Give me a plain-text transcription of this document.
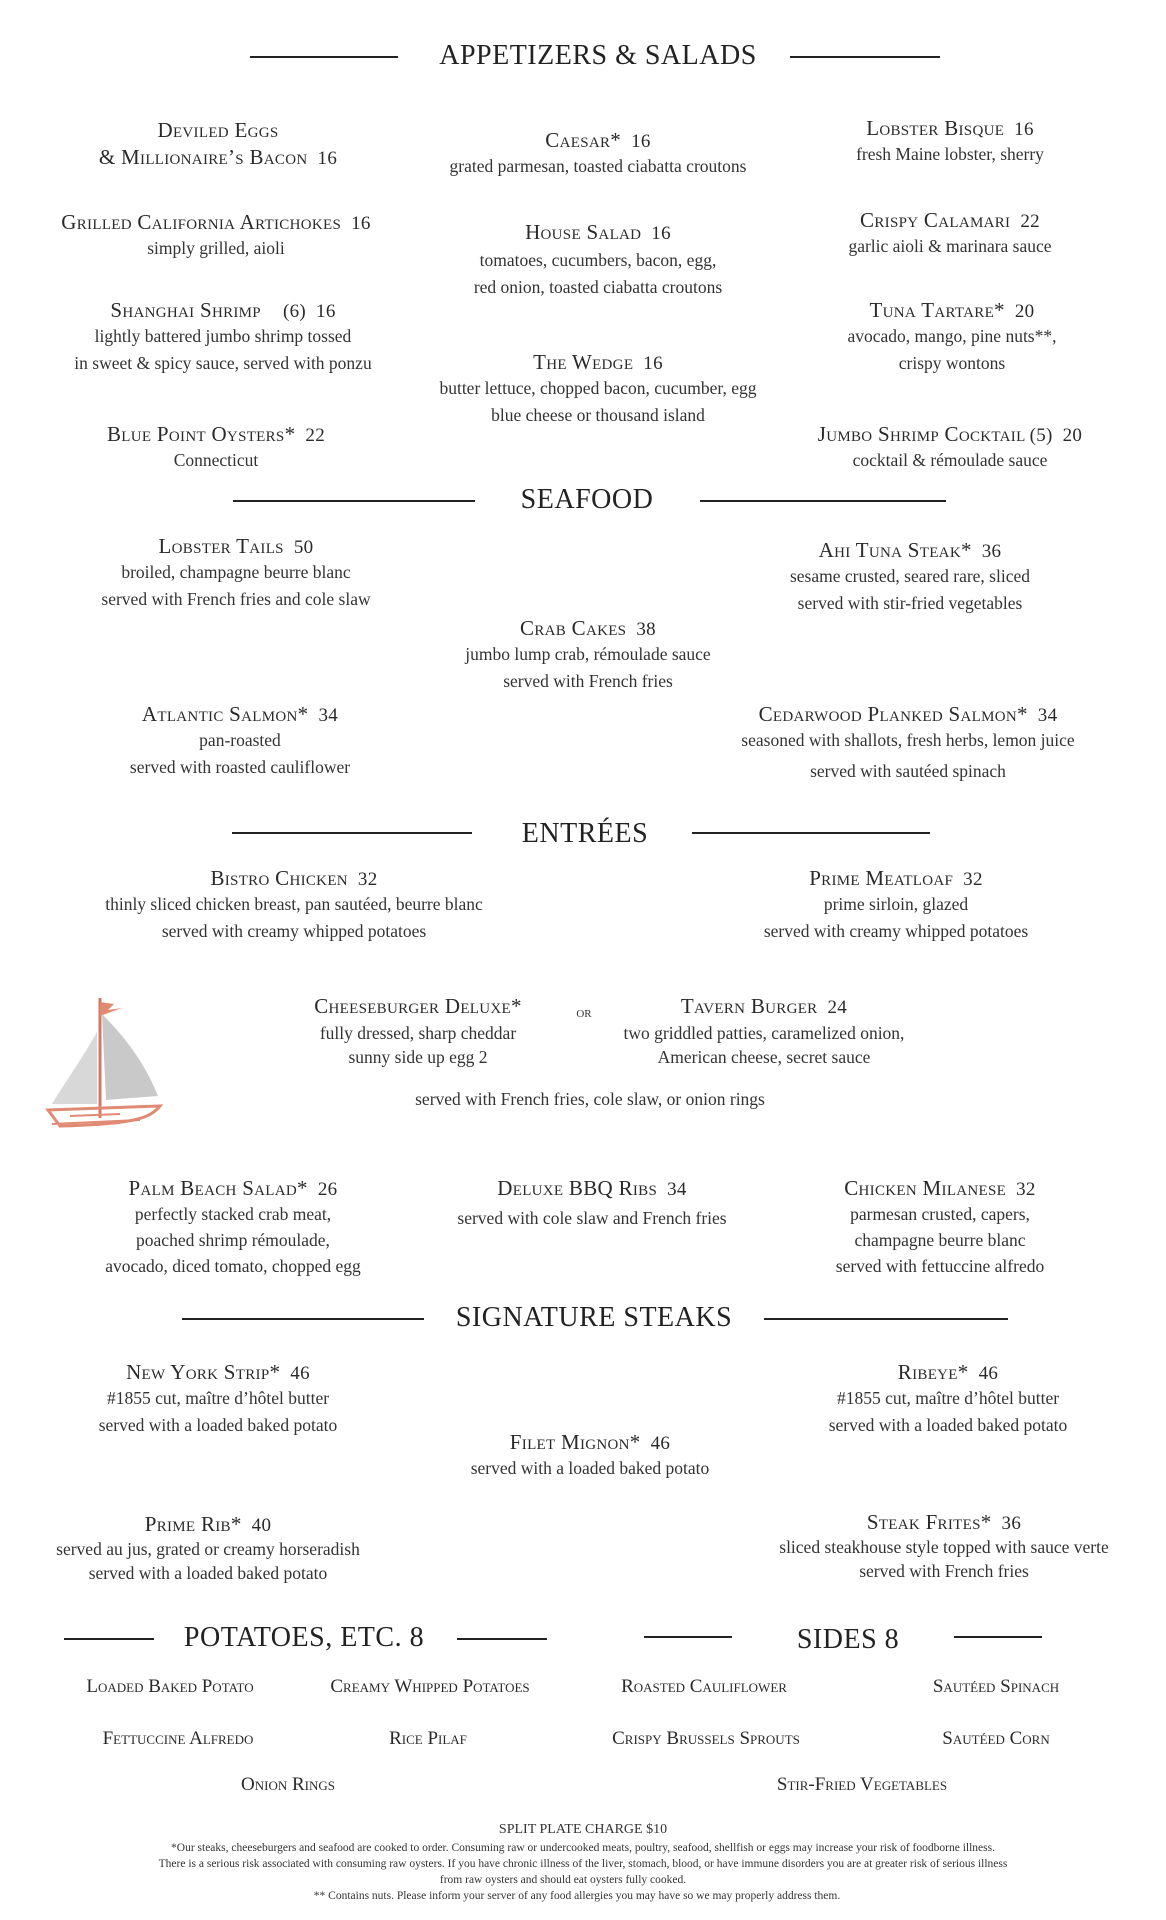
APPETIZERS & SALADS
Deviled Eggs
& Millionaire’s Bacon 16
Caesar* 16
grated parmesan, toasted ciabatta croutons
Lobster Bisque 16
fresh Maine lobster, sherry
Grilled California Artichokes 16
simply grilled, aioli
House Salad 16
tomatoes, cucumbers, bacon, egg,
red onion, toasted ciabatta croutons
Crispy Calamari 22
garlic aioli & marinara sauce
Shanghai Shrimp (6) 16
lightly battered jumbo shrimp tossed
in sweet & spicy sauce, served with ponzu
Tuna Tartare* 20
avocado, mango, pine nuts**,
crispy wontons
The Wedge 16
butter lettuce, chopped bacon, cucumber, egg
blue cheese or thousand island
Blue Point Oysters* 22
Connecticut
Jumbo Shrimp Cocktail (5) 20
cocktail & rémoulade sauce
SEAFOOD
Lobster Tails 50
broiled, champagne beurre blanc
served with French fries and cole slaw
Ahi Tuna Steak* 36
sesame crusted, seared rare, sliced
served with stir-fried vegetables
Crab Cakes 38
jumbo lump crab, rémoulade sauce
served with French fries
Atlantic Salmon* 34
pan-roasted
served with roasted cauliflower
Cedarwood Planked Salmon* 34
seasoned with shallots, fresh herbs, lemon juice
served with sautéed spinach
ENTRÉES
Bistro Chicken 32
thinly sliced chicken breast, pan sautéed, beurre blanc
served with creamy whipped potatoes
Prime Meatloaf 32
prime sirloin, glazed
served with creamy whipped potatoes
Cheeseburger Deluxe*
fully dressed, sharp cheddar
sunny side up egg 2
or	Tavern Burger 24
two griddled patties, caramelized onion,
American cheese, secret sauce
served with French fries, cole slaw, or onion rings
Palm Beach Salad* 26
perfectly stacked crab meat,
poached shrimp rémoulade,
avocado, diced tomato, chopped egg
Deluxe BBQ Ribs 34
served with cole slaw and French fries
Chicken Milanese 32
parmesan crusted, capers,
champagne beurre blanc
served with fettuccine alfredo
SIGNATURE STEAKS
New York Strip* 46
#1855 cut, maître d’hôtel butter
served with a loaded baked potato
Ribeye* 46
#1855 cut, maître d’hôtel butter
served with a loaded baked potato
Filet Mignon* 46
served with a loaded baked potato
Prime Rib* 40
served au jus, grated or creamy horseradish
served with a loaded baked potato
Steak Frites* 36
sliced steakhouse style topped with sauce verte
served with French fries
POTATOES, ETC. 8	SIDES 8
Loaded Baked Potato	Creamy Whipped Potatoes
Fettuccine Alfredo	Rice Pilaf
Onion Rings
Roasted Cauliflower	Sautéed Spinach
Crispy Brussels Sprouts	Sautéed Corn
Stir-Fried Vegetables
SPLIT PLATE CHARGE $10
*Our steaks, cheeseburgers and seafood are cooked to order. Consuming raw or undercooked meats, poultry, seafood, shellfish or eggs may increase your risk of foodborne illness.
There is a serious risk associated with consuming raw oysters. If you have chronic illness of the liver, stomach, blood, or have immune disorders you are at greater risk of serious illness
from raw oysters and should eat oysters fully cooked.
** Contains nuts. Please inform your server of any food allergies you may have so we may properly address them.
